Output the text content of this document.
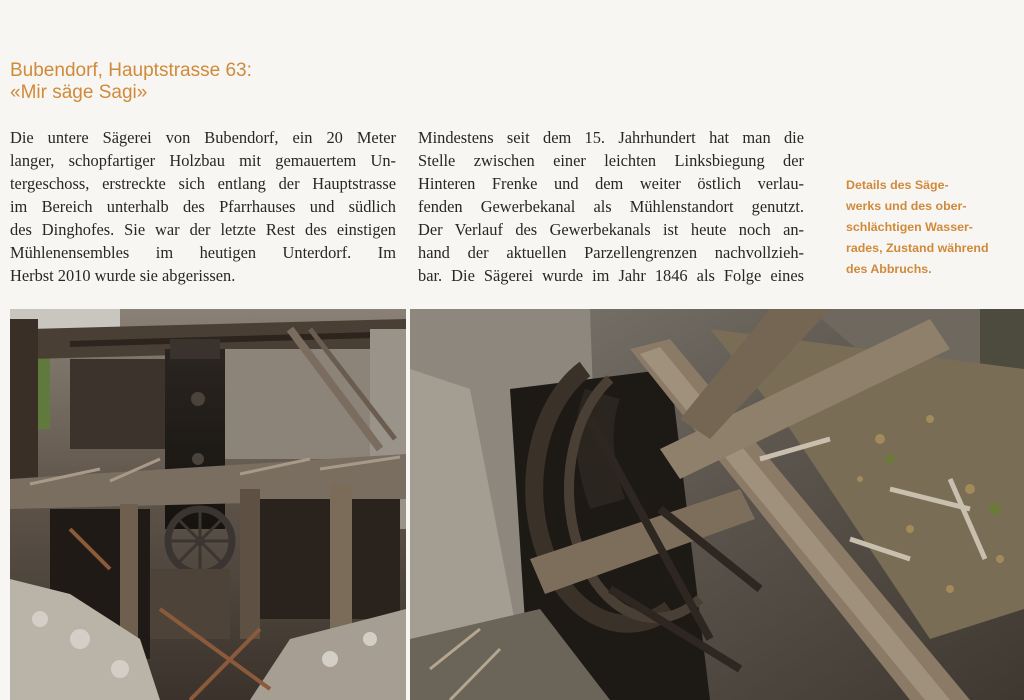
Bubendorf, Hauptstrasse 63:
«Mir säge Sagi»
Die untere Sägerei von Bubendorf, ein 20 Meter
langer, schopfartiger Holzbau mit gemauertem Un-
tergeschoss, erstreckte sich entlang der Hauptstrasse
im Bereich unterhalb des Pfarrhauses und südlich
des Dinghofes. Sie war der letzte Rest des einstigen
Mühlenensembles im heutigen Unterdorf. Im
Herbst 2010 wurde sie abgerissen.
Mindestens seit dem 15. Jahrhundert hat man die
Stelle zwischen einer leichten Linksbiegung der
Hinteren Frenke und dem weiter östlich verlau-
fenden Gewerbekanal als Mühlenstandort genutzt.
Der Verlauf des Gewerbekanals ist heute noch an-
hand der aktuellen Parzellengrenzen nachvollzieh-
bar. Die Sägerei wurde im Jahr 1846 als Folge eines
Details des Säge-
werks und des ober-
schlächtigen Wasser-
rades, Zustand während
des Abbruchs.
